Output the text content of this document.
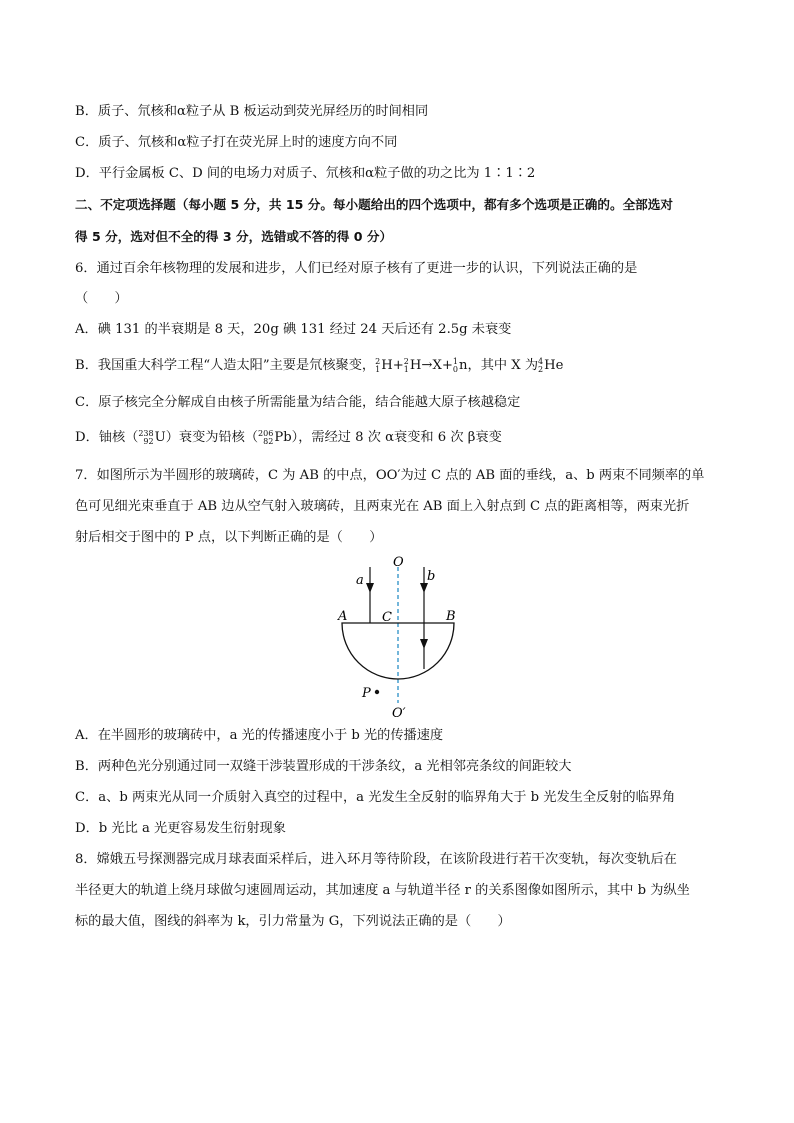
B．质子、氘核和α粒子从 B 板运动到荧光屏经历的时间相同
C．质子、氘核和α粒子打在荧光屏上时的速度方向不同
D．平行金属板 C、D 间的电场力对质子、氘核和α粒子做的功之比为 1∶1∶2
二、不定项选择题（每小题 5 分，共 15 分。每小题给出的四个选项中，都有多个选项是正确的。全部选对
得 5 分，选对但不全的得 3 分，选错或不答的得 0 分）
6．通过百余年核物理的发展和进步，人们已经对原子核有了更进一步的认识，下列说法正确的是
（　　）
A．碘 131 的半衰期是 8 天，20g 碘 131 经过 24 天后还有 2.5g 未衰变
B．我国重大科学工程“人造太阳”主要是氘核聚变， 2
1 H+ 2
1 H→X+ 1
0 n，其中 X 为 4
2 He
C．原子核完全分解成自由核子所需能量为结合能，结合能越大原子核越稳定
D．铀核（ 238
92 U）衰变为铅核（ 206
82 Pb），需经过 8 次 α衰变和 6 次 β衰变
7．如图所示为半圆形的玻璃砖，C 为 AB 的中点，OO′为过 C 点的 AB 面的垂线，a、b 两束不同频率的单
色可见细光束垂直于 AB 边从空气射入玻璃砖，且两束光在 AB 面上入射点到 C 点的距离相等，两束光折
射后相交于图中的 P 点，以下判断正确的是（　　）
O
a	b
A	C	B
P
O′
A．在半圆形的玻璃砖中，a 光的传播速度小于 b 光的传播速度
B．两种色光分别通过同一双缝干涉装置形成的干涉条纹，a 光相邻亮条纹的间距较大
C．a、b 两束光从同一介质射入真空的过程中，a 光发生全反射的临界角大于 b 光发生全反射的临界角
D．b 光比 a 光更容易发生衍射现象
8．嫦娥五号探测器完成月球表面采样后，进入环月等待阶段，在该阶段进行若干次变轨，每次变轨后在
半径更大的轨道上绕月球做匀速圆周运动，其加速度 a 与轨道半径 r 的关系图像如图所示，其中 b 为纵坐
标的最大值，图线的斜率为 k，引力常量为 G，下列说法正确的是（　　）
